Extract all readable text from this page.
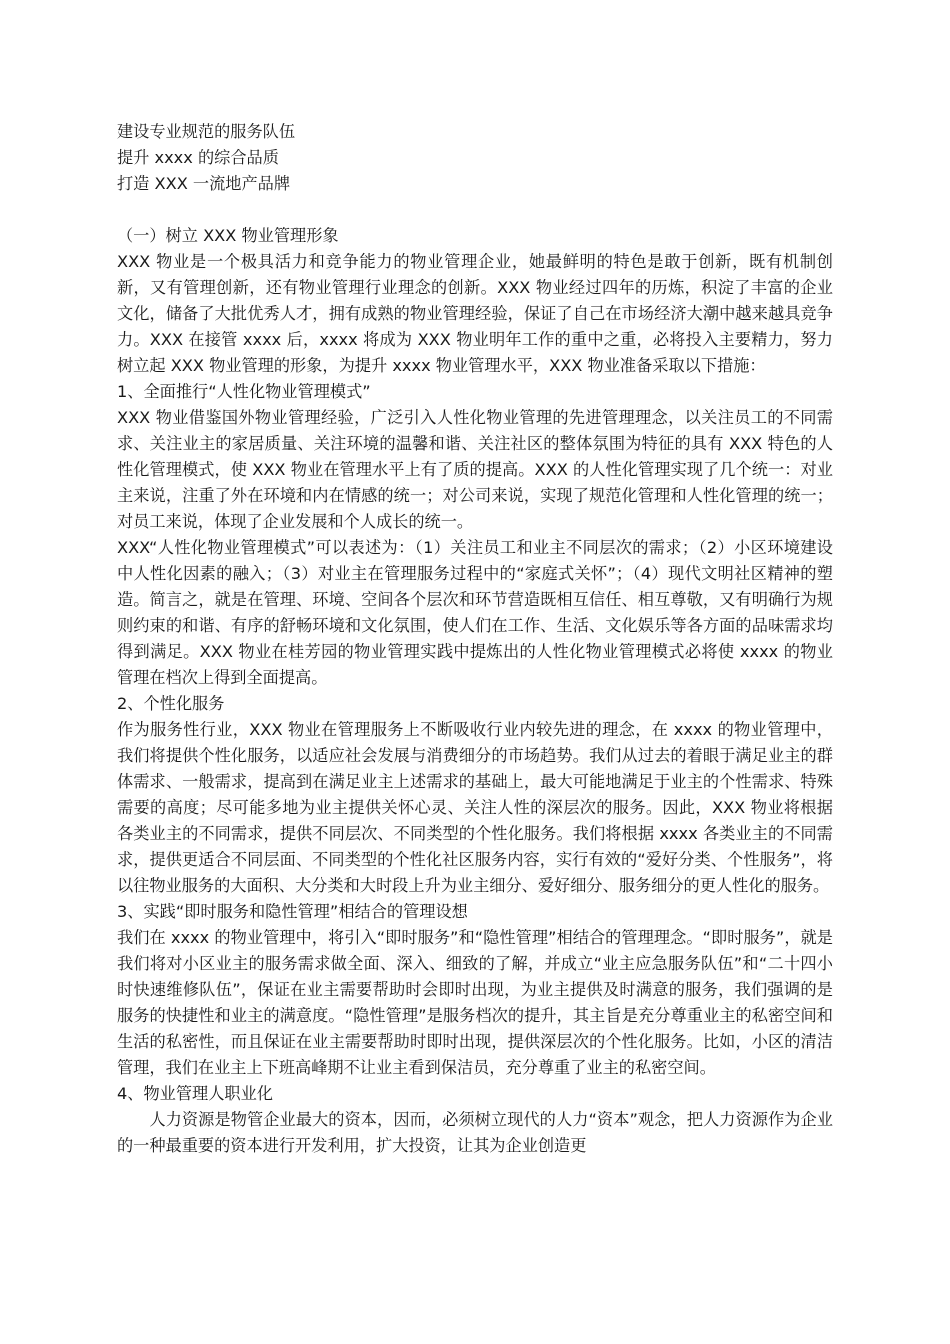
建设专业规范的服务队伍
提升 xxxx 的综合品质
打造 XXX 一流地产品牌
（一）树立 XXX 物业管理形象

XXX 物业是一个极具活力和竞争能力的物业管理企业，她最鲜明的特色是敢于创新，既有机制创新，又有管理创新，还有物业管理行业理念的创新。XXX 物业经过四年的历炼，积淀了丰富的企业文化，储备了大批优秀人才，拥有成熟的物业管理经验，保证了自己在市场经济大潮中越来越具竞争力。XXX 在接管 xxxx 后，xxxx 将成为 XXX 物业明年工作的重中之重，必将投入主要精力，努力树立起 XXX 物业管理的形象，为提升 xxxx 物业管理水平，XXX 物业准备采取以下措施：

1、全面推行“人性化物业管理模式”

XXX 物业借鉴国外物业管理经验，广泛引入人性化物业管理的先进管理理念，以关注员工的不同需求、关注业主的家居质量、关注环境的温馨和谐、关注社区的整体氛围为特征的具有 XXX 特色的人性化管理模式，使 XXX 物业在管理水平上有了质的提高。XXX 的人性化管理实现了几个统一：对业主来说，注重了外在环境和内在情感的统一；对公司来说，实现了规范化管理和人性化管理的统一；对员工来说，体现了企业发展和个人成长的统一。

XXX“人性化物业管理模式”可以表述为：（1）关注员工和业主不同层次的需求；（2）小区环境建设中人性化因素的融入；（3）对业主在管理服务过程中的“家庭式关怀”；（4）现代文明社区精神的塑造。简言之，就是在管理、环境、空间各个层次和环节营造既相互信任、相互尊敬，又有明确行为规则约束的和谐、有序的舒畅环境和文化氛围，使人们在工作、生活、文化娱乐等各方面的品味需求均得到满足。XXX 物业在桂芳园的物业管理实践中提炼出的人性化物业管理模式必将使 xxxx 的物业管理在档次上得到全面提高。

2、个性化服务

作为服务性行业，XXX 物业在管理服务上不断吸收行业内较先进的理念，在 xxxx 的物业管理中，我们将提供个性化服务，以适应社会发展与消费细分的市场趋势。我们从过去的着眼于满足业主的群体需求、一般需求，提高到在满足业主上述需求的基础上，最大可能地满足于业主的个性需求、特殊需要的高度；尽可能多地为业主提供关怀心灵、关注人性的深层次的服务。因此，XXX 物业将根据各类业主的不同需求，提供不同层次、不同类型的个性化服务。我们将根据 xxxx 各类业主的不同需求，提供更适合不同层面、不同类型的个性化社区服务内容，实行有效的“爱好分类、个性服务”，将以往物业服务的大面积、大分类和大时段上升为业主细分、爱好细分、服务细分的更人性化的服务。

3、实践“即时服务和隐性管理”相结合的管理设想

我们在 xxxx 的物业管理中，将引入“即时服务”和“隐性管理”相结合的管理理念。“即时服务”，就是我们将对小区业主的服务需求做全面、深入、细致的了解，并成立“业主应急服务队伍”和“二十四小时快速维修队伍”，保证在业主需要帮助时会即时出现，为业主提供及时满意的服务，我们强调的是服务的快捷性和业主的满意度。“隐性管理”是服务档次的提升，其主旨是充分尊重业主的私密空间和生活的私密性，而且保证在业主需要帮助时即时出现，提供深层次的个性化服务。比如，小区的清洁管理，我们在业主上下班高峰期不让业主看到保洁员，充分尊重了业主的私密空间。

4、物业管理人职业化

人力资源是物管企业最大的资本，因而，必须树立现代的人力“资本”观念，把人力资源作为企业的一种最重要的资本进行开发利用，扩大投资，让其为企业创造更
